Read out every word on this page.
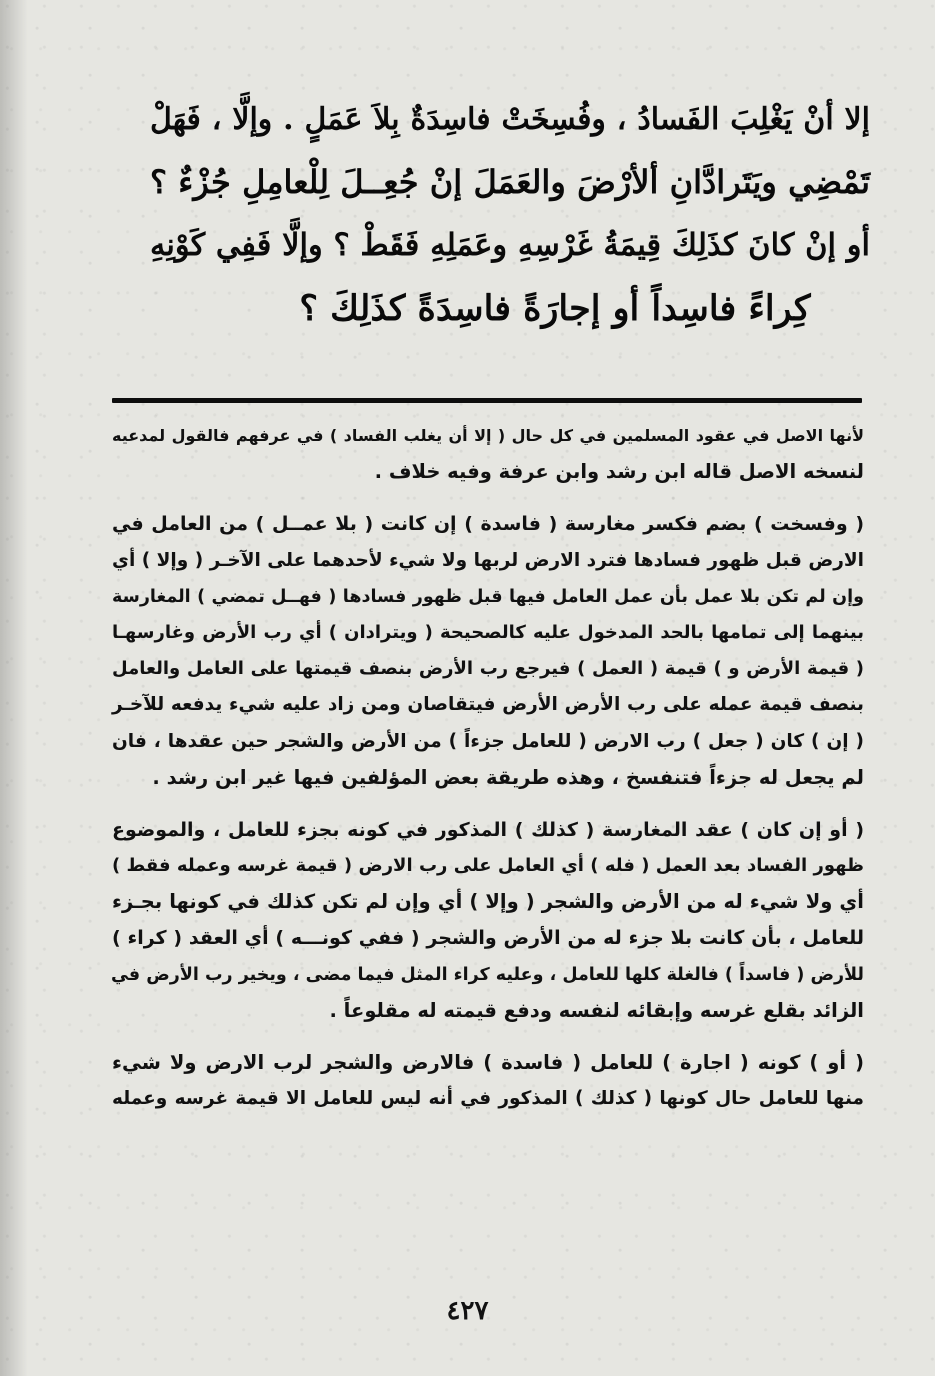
إلا أنْ يَغْلِبَ الفَسادُ ، وفُسِخَتْ فاسِدَةٌ بِلاَ عَمَلٍ . وإلَّا ، فَهَلْ
تَمْضِي ويَتَرادَّانِ ألأرْضَ والعَمَلَ إنْ جُعِــلَ لِلْعامِلِ جُزْءٌ ؟
أو إنْ كانَ كذَلِكَ قِيمَةُ غَرْسِهِ وعَمَلِهِ فَقَطْ ؟ وإلَّا فَفِي كَوْنِهِ
كِراءً فاسِداً أو إجارَةً فاسِدَةً كذَلِكَ ؟
لأنها الاصل في عقود المسلمين في كل حال ( إلا أن يغلب الفساد ) في عرفهم فالقول لمدعيه
لنسخه الاصل قاله ابن رشد وابن عرفة وفيه خلاف .
( وفسخت ) بضم فكسر مغارسة ( فاسدة ) إن كانت ( بلا عمــل ) من العامل في
الارض قبل ظهور فسادها فترد الارض لربها ولا شيء لأحدهما على الآخـر ( وإلا ) أي
وإن لم تكن بلا عمل بأن عمل العامل فيها قبل ظهور فسادها ( فهــل تمضي ) المغارسة
بينهما إلى تمامها بالحد المدخول عليه كالصحيحة ( ويترادان ) أي رب الأرض وغارسهـا
( قيمة الأرض و ) قيمة ( العمل ) فيرجع رب الأرض بنصف قيمتها على العامل والعامل
بنصف قيمة عمله على رب الأرض الأرض فيتقاصان ومن زاد عليه شيء يدفعه للآخـر
( إن ) كان ( جعل ) رب الارض ( للعامل جزءاً ) من الأرض والشجر حين عقدها ، فان
لم يجعل له جزءاً فتنفسخ ، وهذه طريقة بعض المؤلفين فيها غير ابن رشد .
( أو إن كان ) عقد المغارسة ( كذلك ) المذكور في كونه بجزء للعامل ، والموضوع
ظهور الفساد بعد العمل ( فله ) أي العامل على رب الارض ( قيمة غرسه وعمله فقط )
أي ولا شيء له من الأرض والشجر ( وإلا ) أي وإن لم تكن كذلك في كونها بجـزء
للعامل ، بأن كانت بلا جزء له من الأرض والشجر ( ففي كونـــه ) أي العقد ( كراء )
للأرض ( فاسداً ) فالغلة كلها للعامل ، وعليه كراء المثل فيما مضى ، ويخير رب الأرض في
الزائد بقلع غرسه وإبقائه لنفسه ودفع قيمته له مقلوعاً .
( أو ) كونه ( اجارة ) للعامل ( فاسدة ) فالارض والشجر لرب الارض ولا شيء
منها للعامل حال كونها ( كذلك ) المذكور في أنه ليس للعامل الا قيمة غرسه وعمله
٤٢٧
